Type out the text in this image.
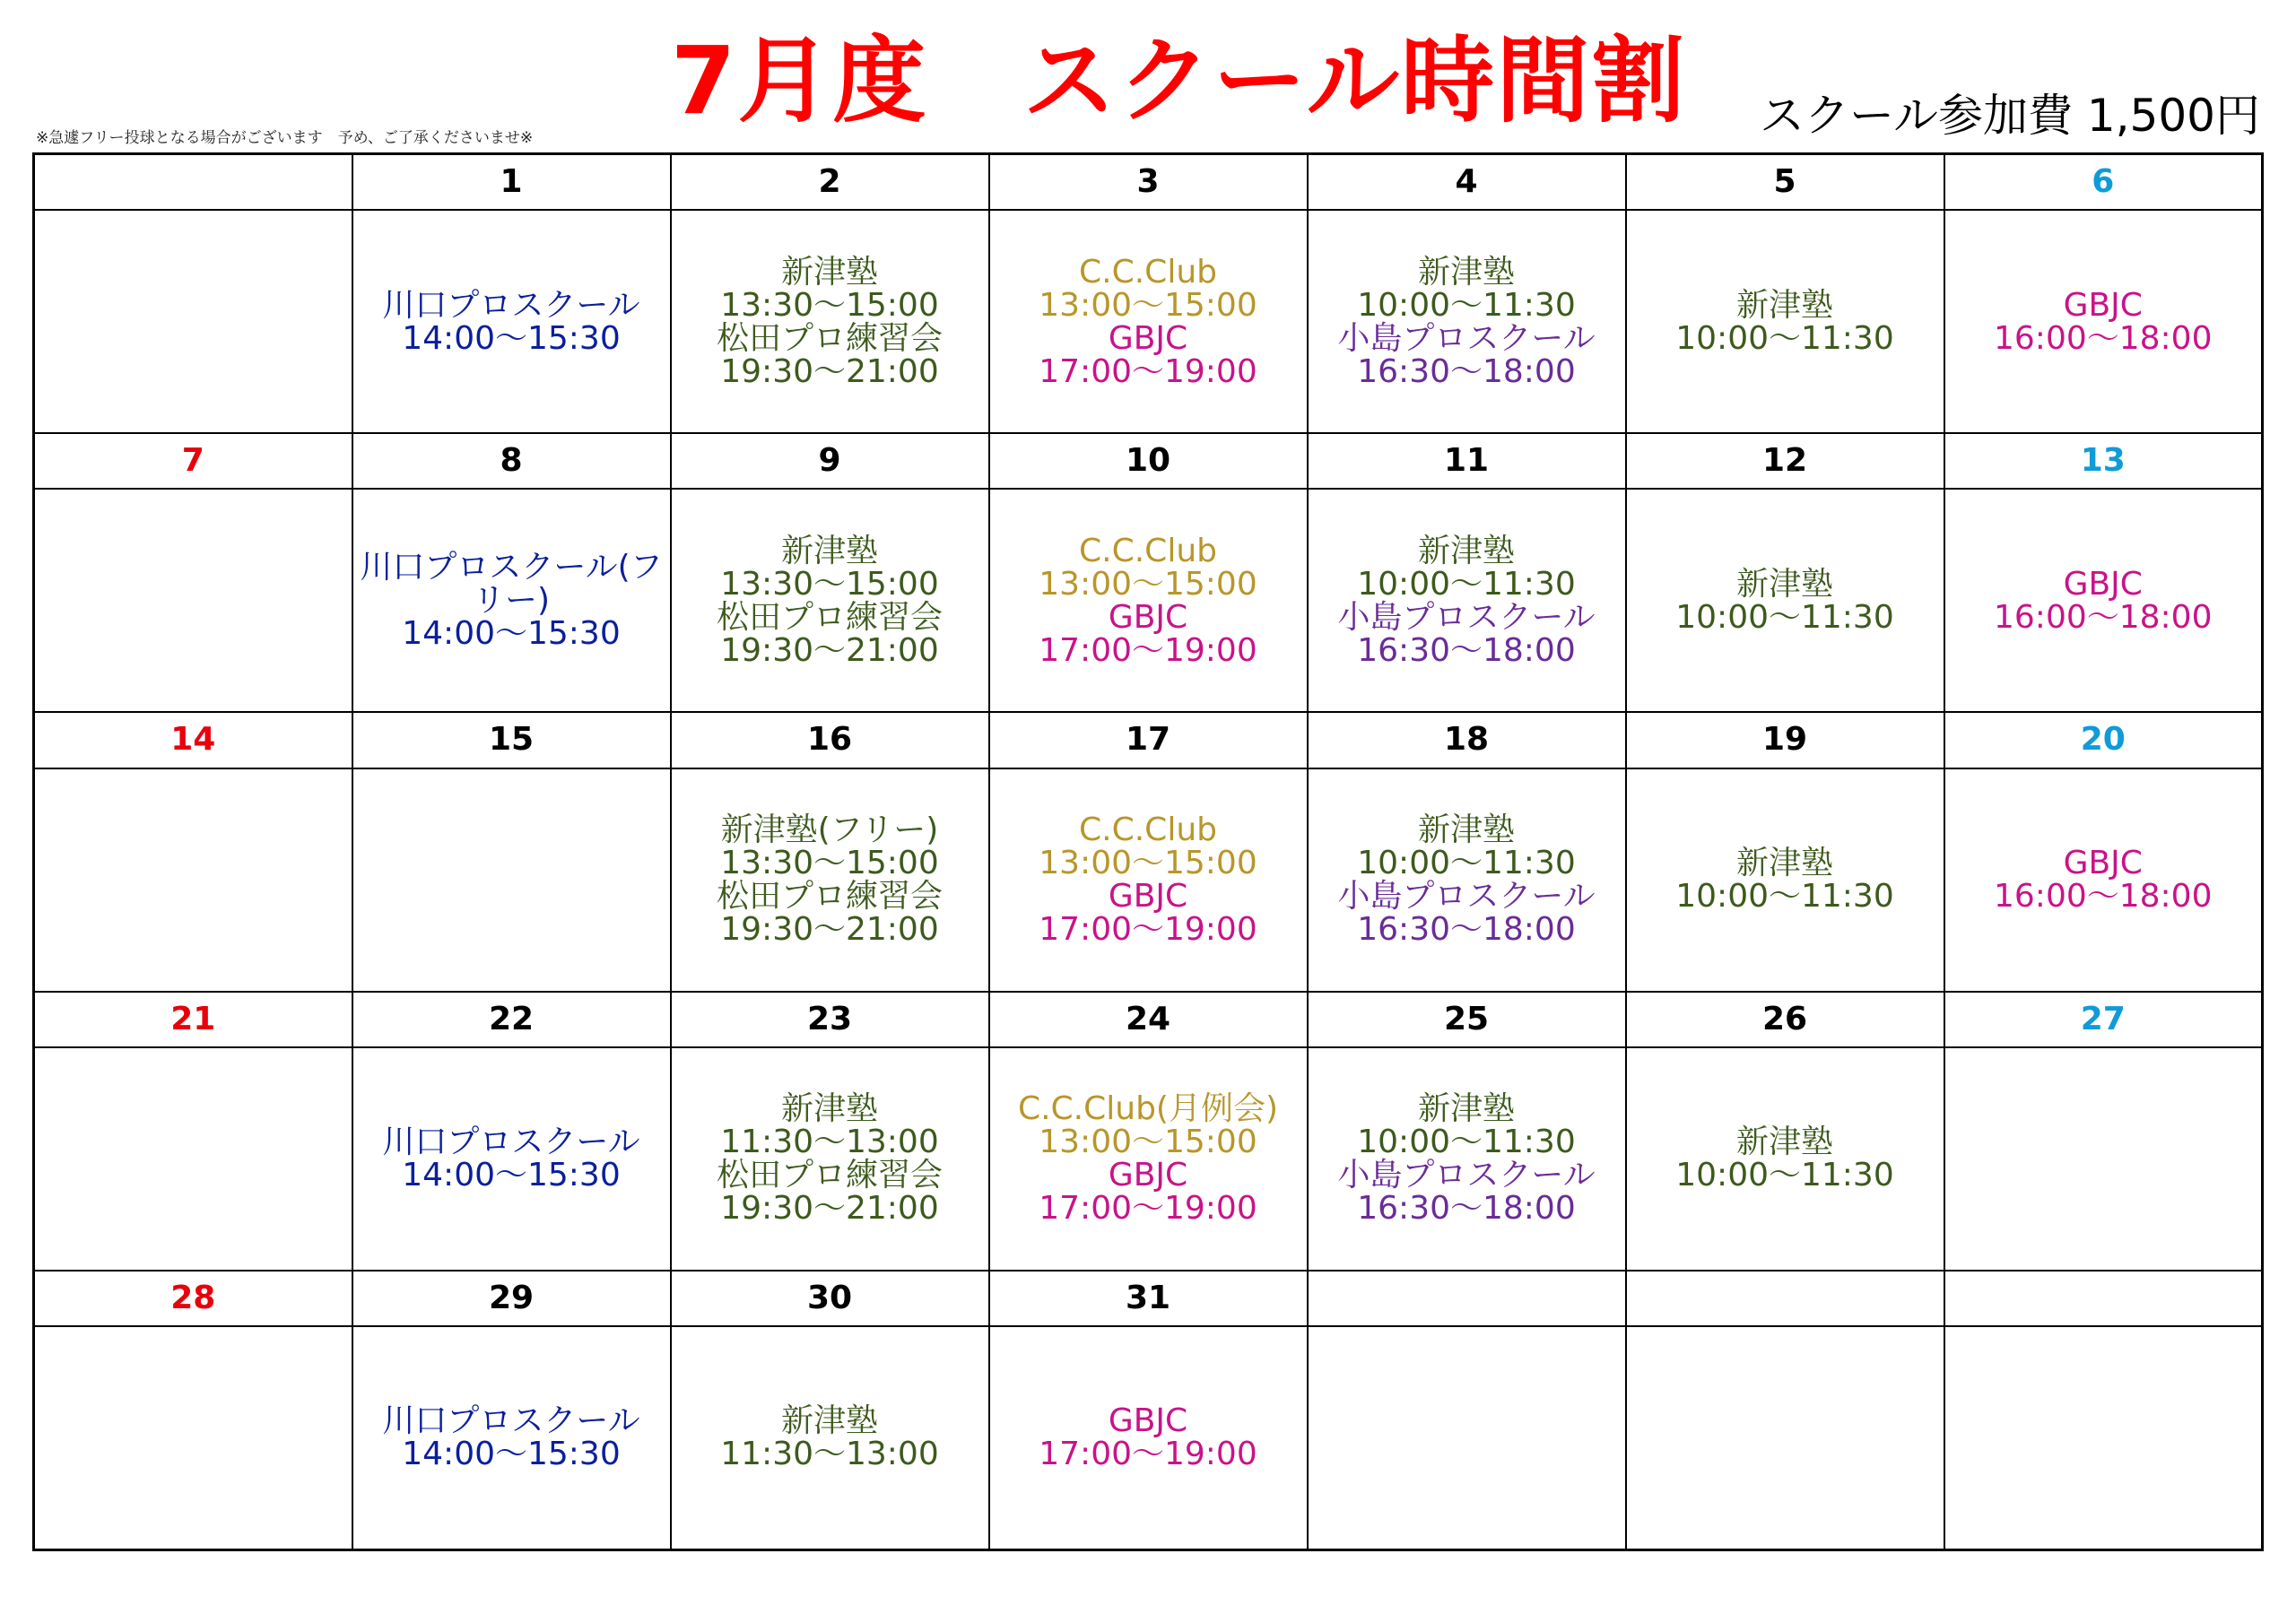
7月度　スクール時間割
※急遽フリー投球となる場合がございます　予め、ご了承くださいませ※	スクール参加費 1,500円
	1	2	3	4	5	6

	川口プロスクール
14:00～15:30	新津塾
13:30～15:00
松田プロ練習会
19:30～21:00	C.C.Club
13:00～15:00
GBJC
17:00～19:00	新津塾
10:00～11:30
小島プロスクール
16:30～18:00	新津塾
10:00～11:30	GBJC
16:00～18:00

7	8	9	10	11	12	13

	川口プロスクール(フ
リー)
14:00～15:30	新津塾
13:30～15:00
松田プロ練習会
19:30～21:00	C.C.Club
13:00～15:00
GBJC
17:00～19:00	新津塾
10:00～11:30
小島プロスクール
16:30～18:00	新津塾
10:00～11:30	GBJC
16:00～18:00

14	15	16	17	18	19	20

		新津塾(フリー)
13:30～15:00
松田プロ練習会
19:30～21:00	C.C.Club
13:00～15:00
GBJC
17:00～19:00	新津塾
10:00～11:30
小島プロスクール
16:30～18:00	新津塾
10:00～11:30	GBJC
16:00～18:00

21	22	23	24	25	26	27

	川口プロスクール
14:00～15:30	新津塾
11:30～13:00
松田プロ練習会
19:30～21:00	C.C.Club(月例会)
13:00～15:00
GBJC
17:00～19:00	新津塾
10:00～11:30
小島プロスクール
16:30～18:00	新津塾
10:00～11:30	

28	29	30	31			

	川口プロスクール
14:00～15:30	新津塾
11:30～13:00	GBJC
17:00～19:00			
